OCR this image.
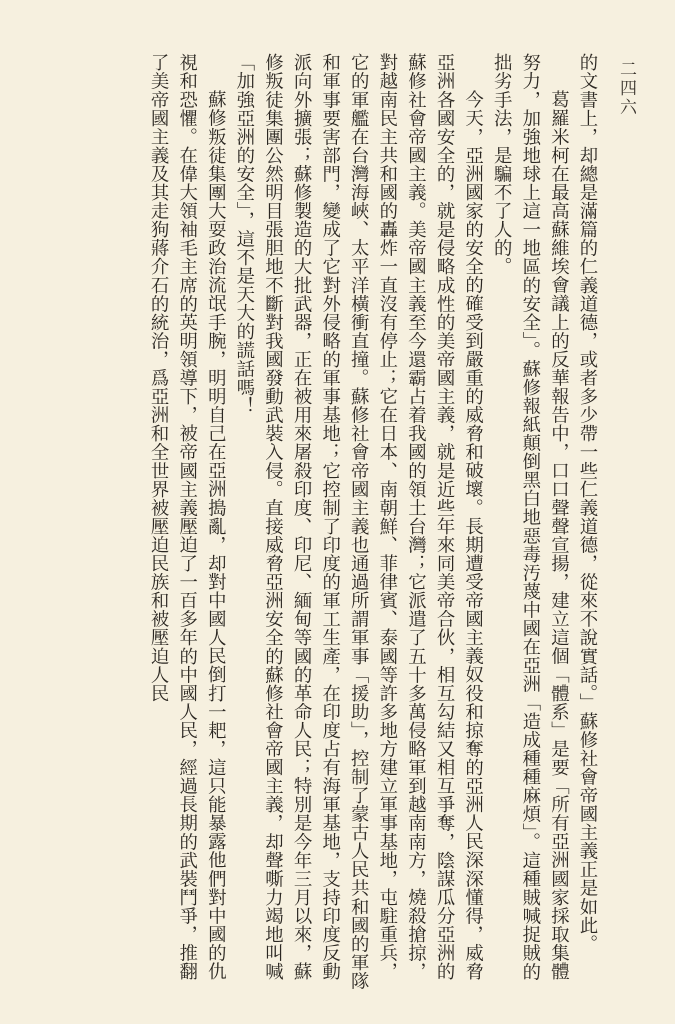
二四六

的文書上，却總是滿篇的仁義道德，或者多少帶一些仁義道德，從來不說實話。」蘇修社會帝國主義正是如此。

葛羅米柯在最高蘇維埃會議上的反華報告中，口口聲聲宣揚，建立這個「體系」是要「所有亞洲國家採取集體努力，加強地球上這一地區的安全」。蘇修報紙顛倒黑白地惡毒汚蔑中國在亞洲「造成種種麻煩」。這種賊喊捉賊的拙劣手法，是騙不了人的。

今天，亞洲國家的安全的確受到嚴重的威脅和破壞。長期遭受帝國主義奴役和掠奪的亞洲人民深深懂得，威脅亞洲各國安全的，就是侵略成性的美帝國主義，就是近些年來同美帝合伙，相互勾結又相互爭奪，陰謀瓜分亞洲的蘇修社會帝國主義。美帝國主義至今還霸占着我國的領土台灣；它派遣了五十多萬侵略軍到越南南方，燒殺搶掠，對越南民主共和國的轟炸一直沒有停止；它在日本、南朝鮮、菲律賓、泰國等許多地方建立軍事基地，屯駐重兵，它的軍艦在台灣海峽、太平洋橫衝直撞。蘇修社會帝國主義也通過所謂軍事「援助」，控制了蒙古人民共和國的軍隊和軍事要害部門，變成了它對外侵略的軍事基地；它控制了印度的軍工生產，在印度占有海軍基地，支持印度反動派向外擴張；蘇修製造的大批武器，正在被用來屠殺印度、印尼、緬甸等國的革命人民；特別是今年三月以來，蘇修叛徒集團公然明目張胆地不斷對我國發動武裝入侵。直接威脅亞洲安全的蘇修社會帝國主義，却聲嘶力竭地叫喊「加強亞洲的安全」，這不是天大的謊話嗎！

蘇修叛徒集團大耍政治流氓手腕，明明自己在亞洲搗亂，却對中國人民倒打一耙，這只能暴露他們對中國的仇視和恐懼。在偉大領袖毛主席的英明領導下，被帝國主義壓迫了一百多年的中國人民，經過長期的武裝鬥爭，推翻了美帝國主義及其走狗蔣介石的統治，爲亞洲和全世界被壓迫民族和被壓迫人民
